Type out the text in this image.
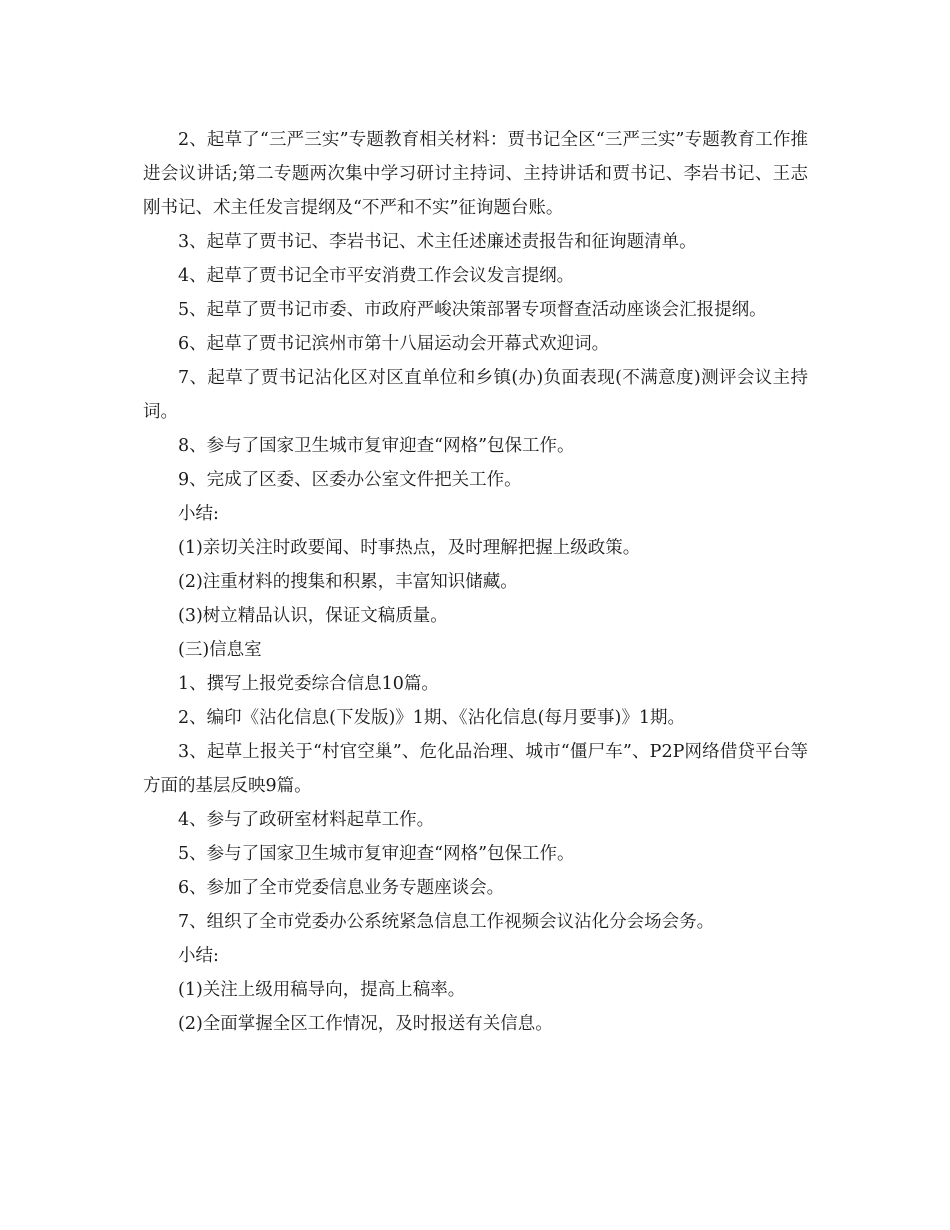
2、起草了“三严三实”专题教育相关材料：贾书记全区“三严三实”专题教育工作推进会议讲话;第二专题两次集中学习研讨主持词、主持讲话和贾书记、李岩书记、王志刚书记、术主任发言提纲及“不严和不实”征询题台账。

3、起草了贾书记、李岩书记、术主任述廉述责报告和征询题清单。

4、起草了贾书记全市平安消费工作会议发言提纲。

5、起草了贾书记市委、市政府严峻决策部署专项督查活动座谈会汇报提纲。

6、起草了贾书记滨州市第十八届运动会开幕式欢迎词。

7、起草了贾书记沾化区对区直单位和乡镇(办)负面表现(不满意度)测评会议主持词。

8、参与了国家卫生城市复审迎查“网格”包保工作。

9、完成了区委、区委办公室文件把关工作。

小结:

(1)亲切关注时政要闻、时事热点，及时理解把握上级政策。

(2)注重材料的搜集和积累，丰富知识储藏。

(3)树立精品认识，保证文稿质量。

(三)信息室

1、撰写上报党委综合信息10篇。

2、编印《沾化信息(下发版)》1期、《沾化信息(每月要事)》1期。

3、起草上报关于“村官空巢”、危化品治理、城市“僵尸车”、P2P网络借贷平台等方面的基层反映9篇。

4、参与了政研室材料起草工作。

5、参与了国家卫生城市复审迎查“网格”包保工作。

6、参加了全市党委信息业务专题座谈会。

7、组织了全市党委办公系统紧急信息工作视频会议沾化分会场会务。

小结:

(1)关注上级用稿导向，提高上稿率。

(2)全面掌握全区工作情况，及时报送有关信息。
